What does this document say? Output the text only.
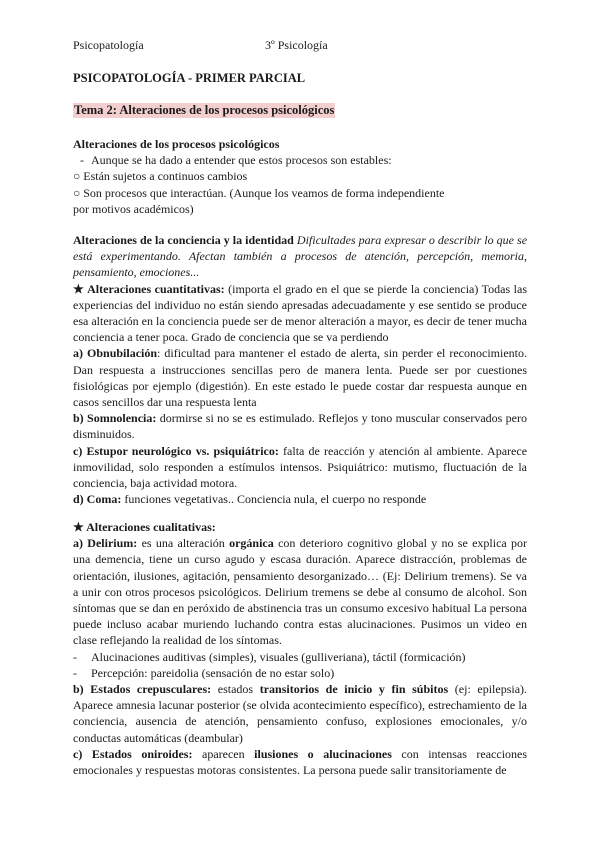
Psicopatología	3º Psicología
PSICOPATOLOGÍA - PRIMER PARCIAL
Tema 2: Alteraciones de los procesos psicológicos
Alteraciones de los procesos psicológicos
- Aunque se ha dado a entender que estos procesos son estables:
○ Están sujetos a continuos cambios
○ Son procesos que interactúan. (Aunque los veamos de forma independiente por motivos académicos)
Alteraciones de la conciencia y la identidad Dificultades para expresar o describir lo que se está experimentando. Afectan también a procesos de atención, percepción, memoria, pensamiento, emociones...
★ Alteraciones cuantitativas: (importa el grado en el que se pierde la conciencia) Todas las experiencias del individuo no están siendo apresadas adecuadamente y ese sentido se produce esa alteración en la conciencia puede ser de menor alteración a mayor, es decir de tener mucha conciencia a tener poca. Grado de conciencia que se va perdiendo
a) Obnubilación: dificultad para mantener el estado de alerta, sin perder el reconocimiento. Dan respuesta a instrucciones sencillas pero de manera lenta. Puede ser por cuestiones fisiológicas por ejemplo (digestión). En este estado le puede costar dar respuesta aunque en casos sencillos dar una respuesta lenta
b) Somnolencia: dormirse si no se es estimulado. Reflejos y tono muscular conservados pero disminuidos.
c) Estupor neurológico vs. psiquiátrico: falta de reacción y atención al ambiente. Aparece inmovilidad, solo responden a estímulos intensos. Psiquiátrico: mutismo, fluctuación de la conciencia, baja actividad motora.
d) Coma: funciones vegetativas.. Conciencia nula, el cuerpo no responde
★ Alteraciones cualitativas:
a) Delirium: es una alteración orgánica con deterioro cognitivo global y no se explica por una demencia, tiene un curso agudo y escasa duración. Aparece distracción, problemas de orientación, ilusiones, agitación, pensamiento desorganizado… (Ej: Delirium tremens). Se va a unir con otros procesos psicológicos. Delirium tremens se debe al consumo de alcohol. Son síntomas que se dan en peróxido de abstinencia tras un consumo excesivo habitual La persona puede incluso acabar muriendo luchando contra estas alucinaciones. Pusimos un video en clase reflejando la realidad de los síntomas.
-	Alucinaciones auditivas (simples), visuales (gulliveriana), táctil (formicación)
-	Percepción: pareidolia (sensación de no estar solo)
b) Estados crepusculares: estados transitorios de inicio y fin súbitos (ej: epilepsia). Aparece amnesia lacunar posterior (se olvida acontecimiento específico), estrechamiento de la conciencia, ausencia de atención, pensamiento confuso, explosiones emocionales, y/o conductas automáticas (deambular)
c) Estados oniroides: aparecen ilusiones o alucinaciones con intensas reacciones emocionales y respuestas motoras consistentes. La persona puede salir transitoriamente de
